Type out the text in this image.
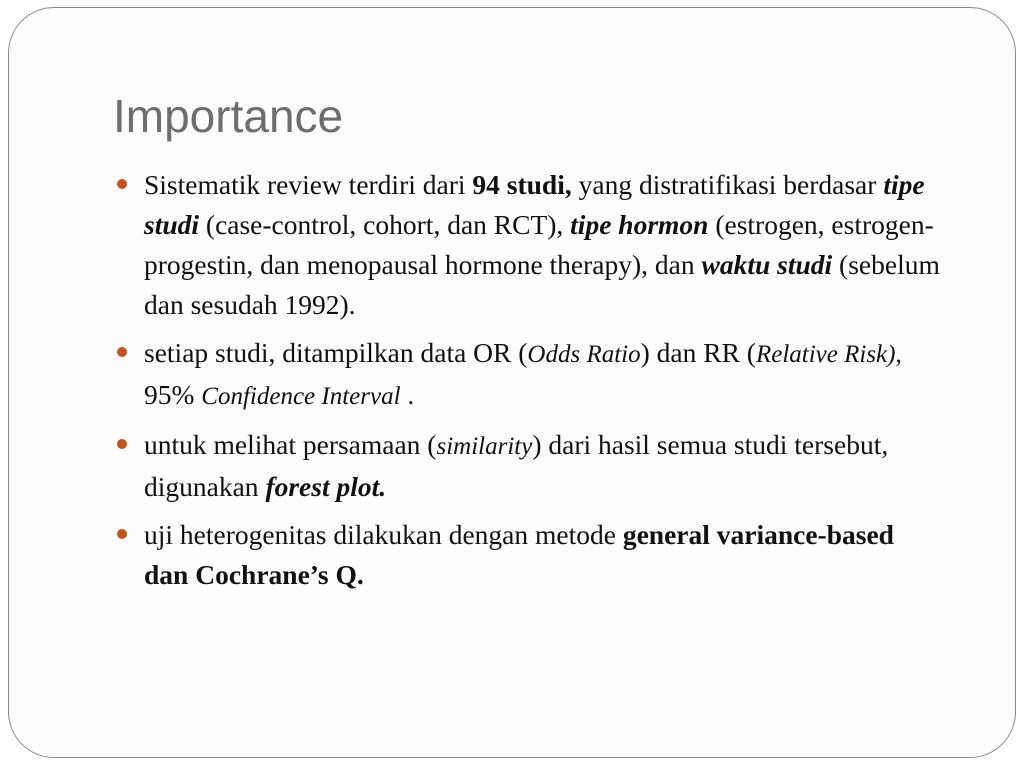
Importance
Sistematik review terdiri dari 94 studi, yang distratifikasi berdasar tipe studi (case-control, cohort, dan RCT), tipe hormon (estrogen, estrogen-progestin, dan menopausal hormone therapy), dan waktu studi (sebelum dan sesudah 1992).
setiap studi, ditampilkan data OR (Odds Ratio) dan RR (Relative Risk), 95% Confidence Interval .
untuk melihat persamaan (similarity) dari hasil semua studi tersebut, digunakan forest plot.
uji heterogenitas dilakukan dengan metode general variance-based dan Cochrane’s Q.
